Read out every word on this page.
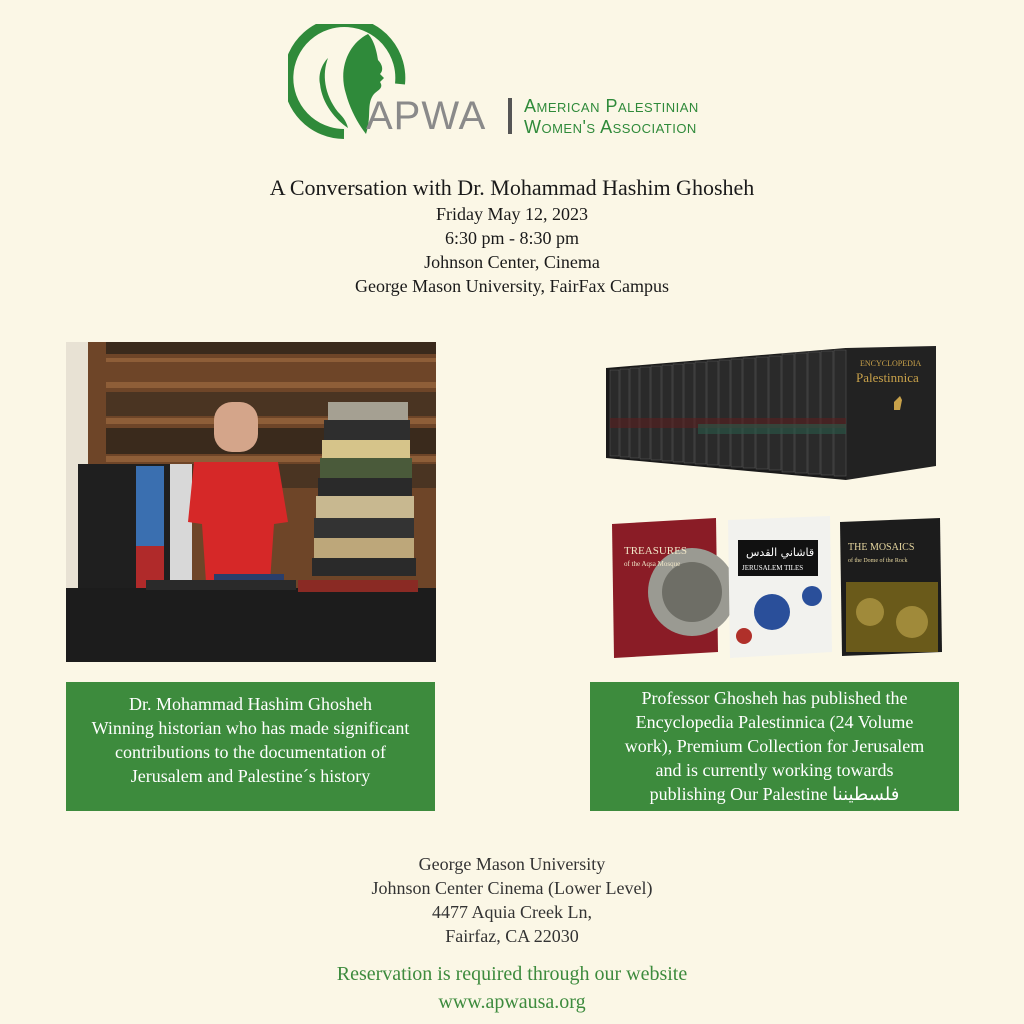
APWA American Palestinian
Women's Association
A Conversation with Dr. Mohammad Hashim Ghosheh
Friday May 12, 2023
6:30 pm - 8:30 pm
Johnson Center, Cinema
George Mason University, FairFax Campus
ENCYCLOPEDIA
Palestinnica
TREASURES
of the Aqsa Mosque
قاشاني القدس
JERUSALEM TILES
THE MOSAICS
of the Dome of the Rock
Dr. Mohammad Hashim Ghosheh
Winning historian who has made significant
contributions to the documentation of
Jerusalem and Palestine´s history
Professor Ghosheh has published the
Encyclopedia Palestinnica (24 Volume
work), Premium Collection for Jerusalem
and is currently working towards
publishing Our Palestine فلسطيننا
George Mason University
Johnson Center Cinema (Lower Level)
4477 Aquia Creek Ln,
Fairfaz, CA 22030
Reservation is required through our website
www.apwausa.org
